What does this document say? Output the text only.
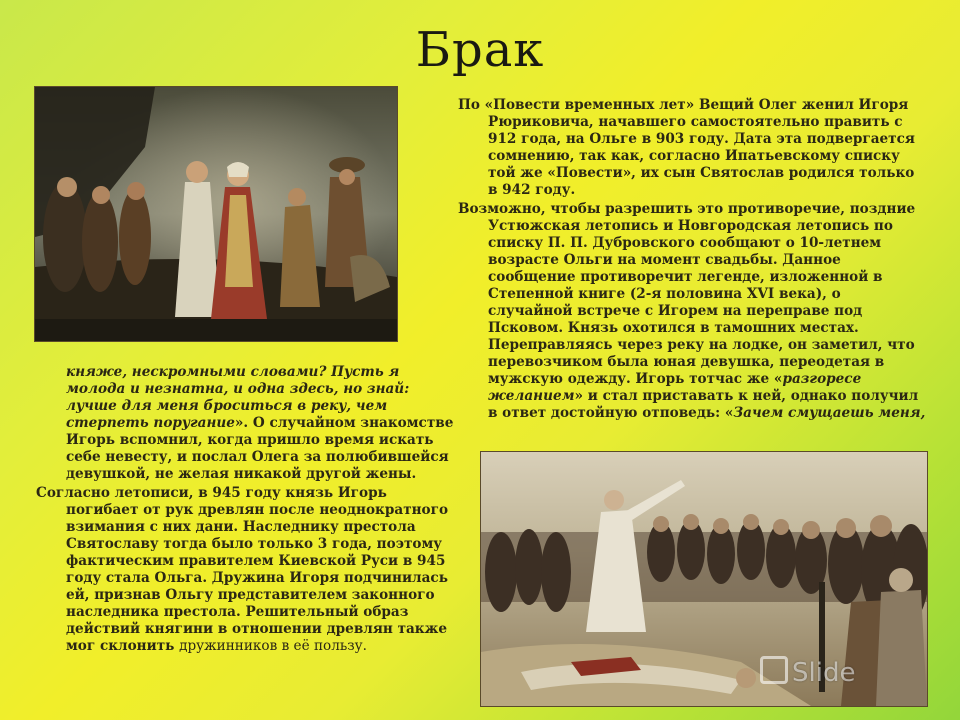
Брак

По «Повести временных лет» Вещий Олег женил Игоря Рюриковича, начавшего самостоятельно править с 912 года, на Ольге в 903 году. Дата эта подвергается сомнению, так как, согласно Ипатьевскому списку той же «Повести», их сын Святослав родился только в 942 году.

Возможно, чтобы разрешить это противоречие, поздние Устюжская летопись и Новгородская летопись по списку П. П. Дубровского сообщают о 10-летнем возрасте Ольги на момент свадьбы. Данное сообщение противоречит легенде, изложенной в Степенной книге (2-я половина XVI века), о случайной встрече с Игорем на переправе под Псковом. Князь охотился в тамошних местах. Переправляясь через реку на лодке, он заметил, что перевозчиком была юная девушка, переодетая в мужскую одежду. Игорь тотчас же «разгоресе желанием» и стал приставать к ней, однако получил в ответ достойную отповедь: «Зачем смущаешь меня,

княже, нескромными словами? Пусть я молода и незнатна, и одна здесь, но знай: лучше для меня броситься в реку, чем стерпеть поругание». О случайном знакомстве Игорь вспомнил, когда пришло время искать себе невесту, и послал Олега за полюбившейся девушкой, не желая никакой другой жены.

Согласно летописи, в 945 году князь Игорь погибает от рук древлян после неоднократного взимания с них дани. Наследнику престола Святославу тогда было только 3 года, поэтому фактическим правителем Киевской Руси в 945 году стала Ольга. Дружина Игоря подчинилась ей, признав Ольгу представителем законного наследника престола. Решительный образ действий княгини в отношении древлян также мог склонить дружинников в её пользу.

Slide
